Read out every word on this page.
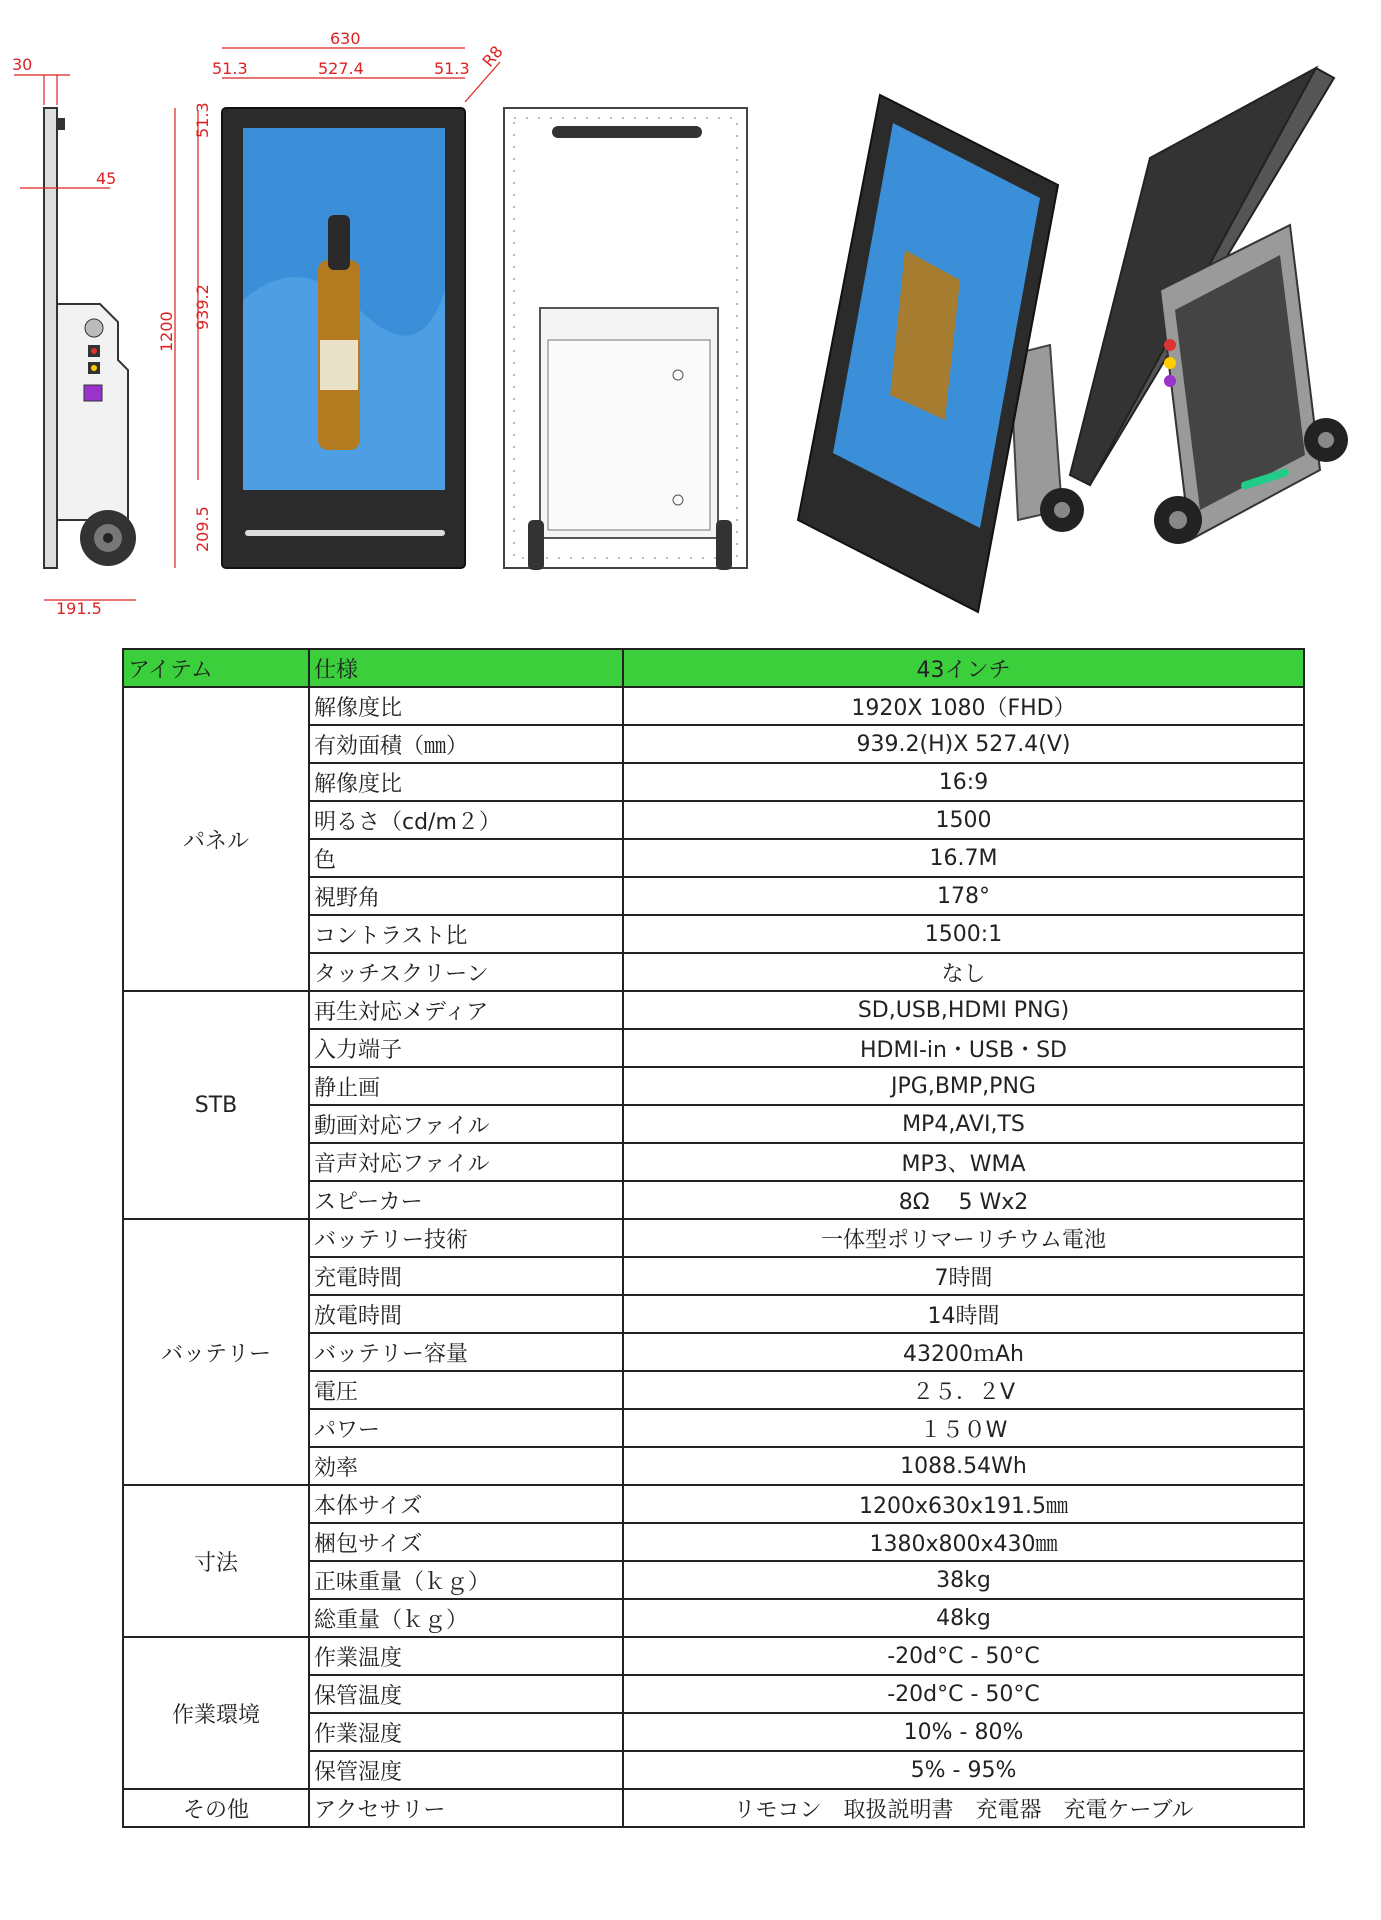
30
45
191.5
1200
51.3
939.2
209.5
630
51.3	527.4	51.3 R8
アイテム	仕様	43インチ
パネル	解像度比	1920X 1080（FHD）
	有効面積（㎜）	939.2(H)X 527.4(V)
	解像度比	16:9
	明るさ（cd/m２）	1500
	色	16.7M
	視野角	178°
	コントラスト比	1500:1
	タッチスクリーン	なし
STB	再生対応メディア	SD,USB,HDMI PNG)
	入力端子	HDMI-in・USB・SD
	静止画	JPG,BMP,PNG
	動画対応ファイル	MP4,AVI,TS
	音声対応ファイル	MP3、WMA
	スピーカー	8Ω　 5 Wx2
バッテリー	バッテリー技術	一体型ポリマーリチウム電池
	充電時間	7時間
	放電時間	14時間
	バッテリー容量	43200ｍAh
	電圧	２５．２V
	パワー	１５０W
	効率	1088.54Wh
寸法	本体サイズ	1200x630x191.5㎜
	梱包サイズ	1380x800x430㎜
	正味重量（ｋｇ）	38kg
	総重量（ｋｇ）	48kg
作業環境	作業温度	-20d°C - 50°C
	保管温度	-20d°C - 50°C
	作業湿度	10% - 80%
	保管湿度	5% - 95%
その他	アクセサリー	リモコン　取扱説明書　充電器　充電ケーブル
